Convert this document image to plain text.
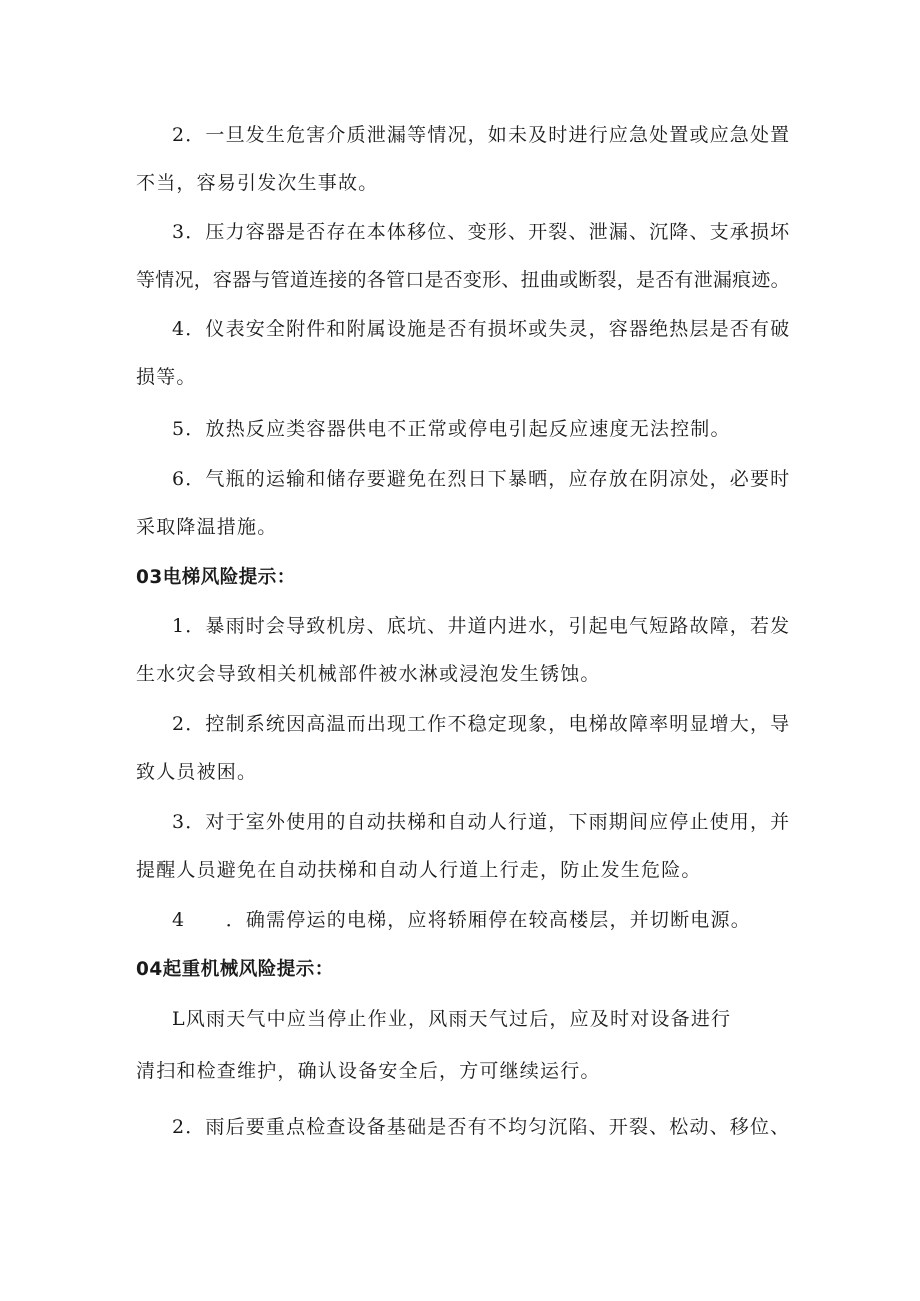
2．一旦发生危害介质泄漏等情况，如未及时进行应急处置或应急处置
不当，容易引发次生事故。
3．压力容器是否存在本体移位、变形、开裂、泄漏、沉降、支承损坏
等情况，容器与管道连接的各管口是否变形、扭曲或断裂，是否有泄漏痕迹。
4．仪表安全附件和附属设施是否有损坏或失灵，容器绝热层是否有破
损等。
5．放热反应类容器供电不正常或停电引起反应速度无法控制。
6．气瓶的运输和储存要避免在烈日下暴晒，应存放在阴凉处，必要时
采取降温措施。
03电梯风险提示：
1．暴雨时会导致机房、底坑、井道内进水，引起电气短路故障，若发
生水灾会导致相关机械部件被水淋或浸泡发生锈蚀。
2．控制系统因高温而出现工作不稳定现象，电梯故障率明显增大，导
致人员被困。
3．对于室外使用的自动扶梯和自动人行道，下雨期间应停止使用，并
提醒人员避免在自动扶梯和自动人行道上行走，防止发生危险。
4　　．确需停运的电梯，应将轿厢停在较高楼层，并切断电源。
04起重机械风险提示：
L风雨天气中应当停止作业，风雨天气过后，应及时对设备进行
清扫和检查维护，确认设备安全后，方可继续运行。
2．雨后要重点检查设备基础是否有不均匀沉陷、开裂、松动、移位、
